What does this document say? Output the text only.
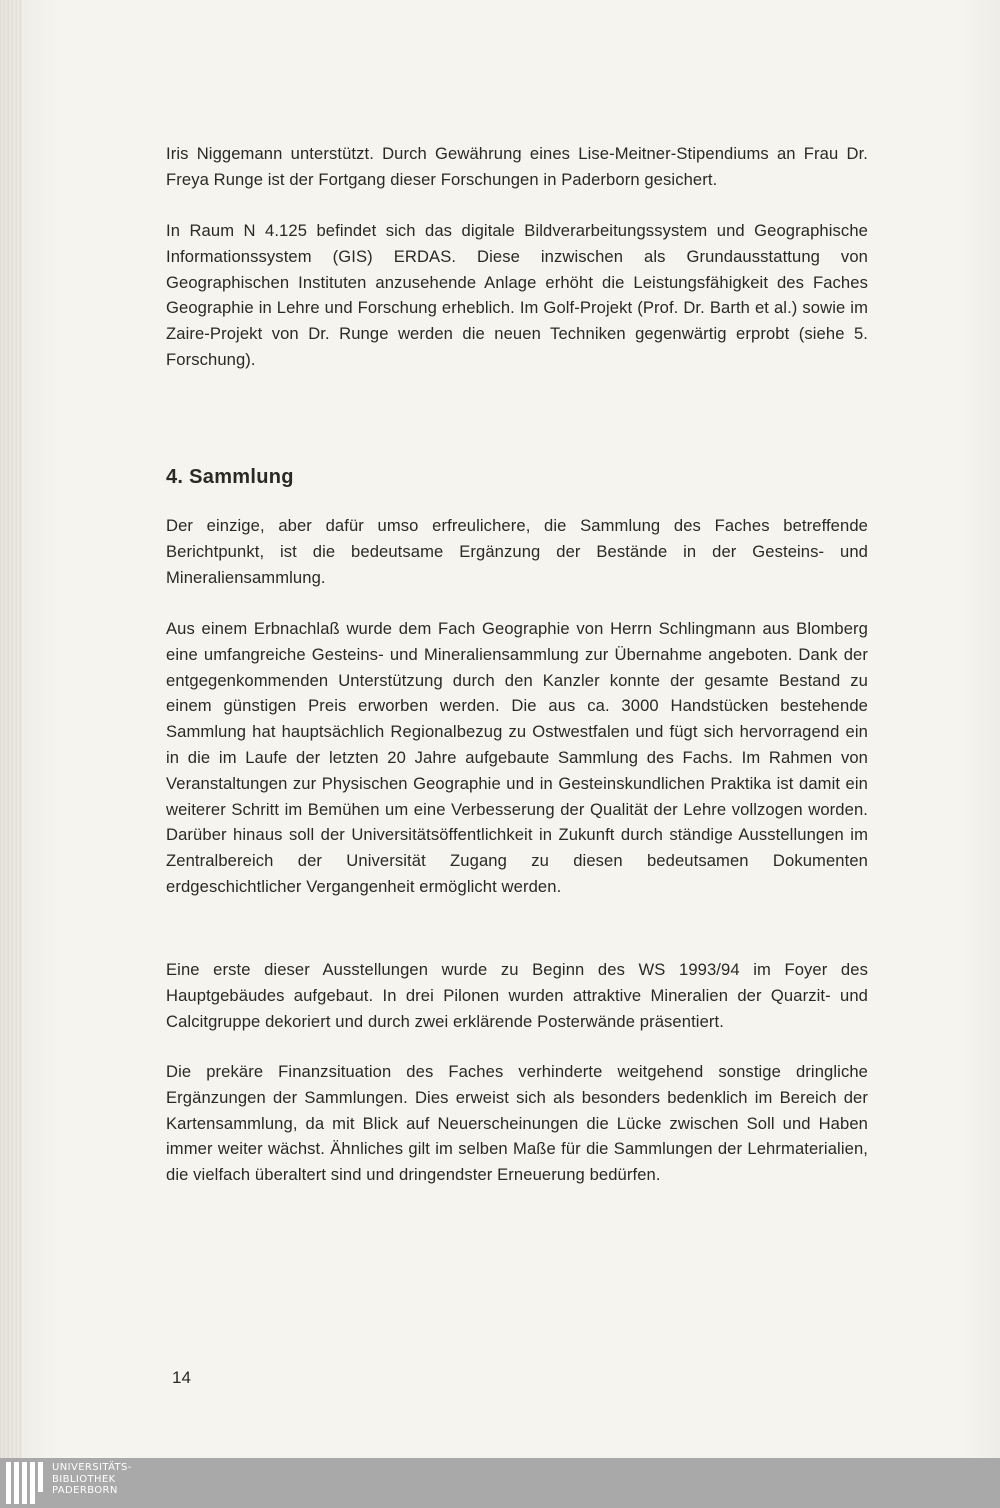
Iris Niggemann unterstützt. Durch Gewährung eines Lise-Meitner-Stipendiums an Frau Dr. Freya Runge ist der Fortgang dieser Forschungen in Paderborn gesichert.

In Raum N 4.125 befindet sich das digitale Bildverarbeitungssystem und Geographische Informationssystem (GIS) ERDAS. Diese inzwischen als Grundausstattung von Geographischen Instituten anzusehende Anlage erhöht die Leistungsfähigkeit des Faches Geographie in Lehre und Forschung erheblich. Im Golf-Projekt (Prof. Dr. Barth et al.) sowie im Zaire-Projekt von Dr. Runge werden die neuen Techniken gegenwärtig erprobt (siehe 5. Forschung).

4. Sammlung

Der einzige, aber dafür umso erfreulichere, die Sammlung des Faches betreffende Berichtpunkt, ist die bedeutsame Ergänzung der Bestände in der Gesteins- und Mineraliensammlung.

Aus einem Erbnachlaß wurde dem Fach Geographie von Herrn Schlingmann aus Blomberg eine umfangreiche Gesteins- und Mineraliensammlung zur Übernahme angeboten. Dank der entgegenkommenden Unterstützung durch den Kanzler konnte der gesamte Bestand zu einem günstigen Preis erworben werden. Die aus ca. 3000 Handstücken bestehende Sammlung hat hauptsächlich Regionalbezug zu Ostwestfalen und fügt sich hervorragend ein in die im Laufe der letzten 20 Jahre aufgebaute Sammlung des Fachs. Im Rahmen von Veranstaltungen zur Physischen Geographie und in Gesteinskundlichen Praktika ist damit ein weiterer Schritt im Bemühen um eine Verbesserung der Qualität der Lehre vollzogen worden. Darüber hinaus soll der Universitätsöffentlichkeit in Zukunft durch ständige Ausstellungen im Zentralbereich der Universität Zugang zu diesen bedeutsamen Dokumenten erdgeschichtlicher Vergangenheit ermöglicht werden.

Eine erste dieser Ausstellungen wurde zu Beginn des WS 1993/94 im Foyer des Hauptgebäudes aufgebaut. In drei Pilonen wurden attraktive Mineralien der Quarzit- und Calcitgruppe dekoriert und durch zwei erklärende Posterwände präsentiert.

Die prekäre Finanzsituation des Faches verhinderte weitgehend sonstige dringliche Ergänzungen der Sammlungen. Dies erweist sich als besonders bedenklich im Bereich der Kartensammlung, da mit Blick auf Neuerscheinungen die Lücke zwischen Soll und Haben immer weiter wächst. Ähnliches gilt im selben Maße für die Sammlungen der Lehrmaterialien, die vielfach überaltert sind und dringendster Erneuerung bedürfen.

14
UNIVERSITÄTS-
BIBLIOTHEK
PADERBORN
